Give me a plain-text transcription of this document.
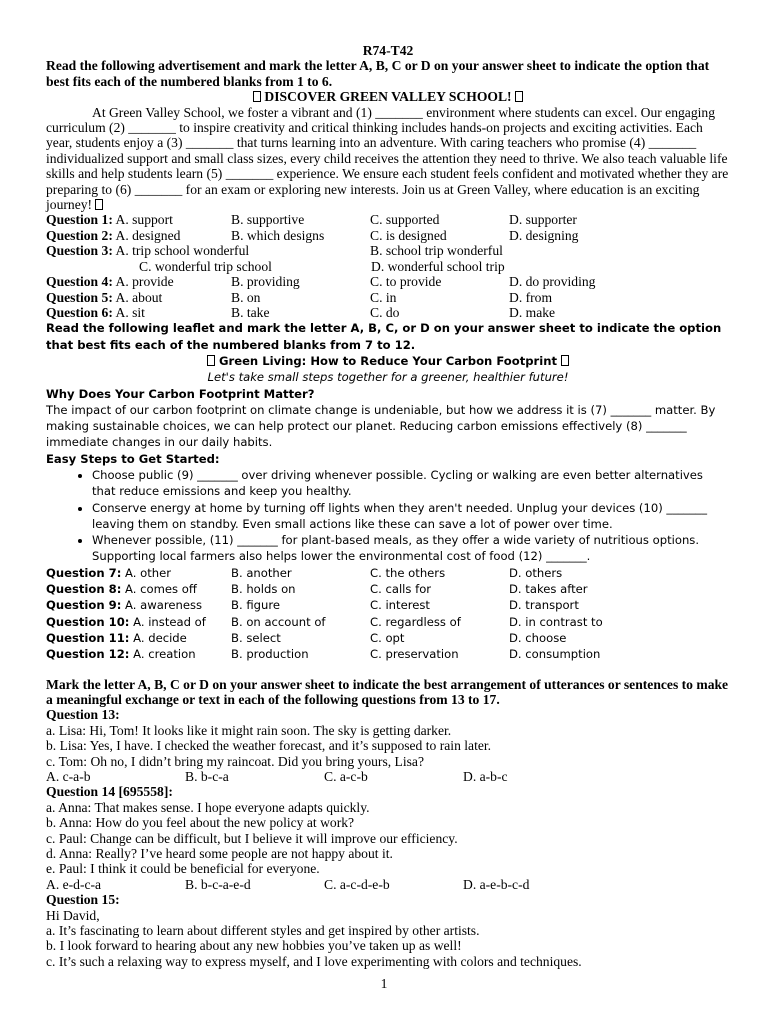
R74-T42

Read the following advertisement and mark the letter A, B, C or D on your answer sheet to indicate the option that best fits each of the numbered blanks from 1 to 6.

DISCOVER GREEN VALLEY SCHOOL!

At Green Valley School, we foster a vibrant and (1) _______ environment where students can excel. Our engaging curriculum (2) _______ to inspire creativity and critical thinking includes hands-on projects and exciting activities. Each year, students enjoy a (3) _______ that turns learning into an adventure. With caring teachers who promise (4) _______ individualized support and small class sizes, every child receives the attention they need to thrive. We also teach valuable life skills and help students learn (5) _______ experience. We ensure each student feels confident and motivated whether they are preparing to (6) _______ for an exam or exploring new interests. Join us at Green Valley, where education is an exciting journey!

Question 1: A. support	B. supportive	C. supported	D. supporter
Question 2: A. designed	B. which designs	C. is designed	D. designing
Question 3: A. trip school wonderful	B. school trip wonderful
C. wonderful trip school	D. wonderful school trip
Question 4: A. provide	B. providing	C. to provide	D. do providing
Question 5: A. about	B. on	C. in	D. from
Question 6: A. sit	B. take	C. do	D. make

Read the following leaflet and mark the letter A, B, C, or D on your answer sheet to indicate the option that best fits each of the numbered blanks from 7 to 12.

Green Living: How to Reduce Your Carbon Footprint

Let's take small steps together for a greener, healthier future!

Why Does Your Carbon Footprint Matter?

The impact of our carbon footprint on climate change is undeniable, but how we address it is (7) _______ matter. By making sustainable choices, we can help protect our planet. Reducing carbon emissions effectively (8) _______ immediate changes in our daily habits.

Easy Steps to Get Started:

• Choose public (9) _______ over driving whenever possible. Cycling or walking are even better alternatives that reduce emissions and keep you healthy.
• Conserve energy at home by turning off lights when they aren't needed. Unplug your devices (10) _______ leaving them on standby. Even small actions like these can save a lot of power over time.
• Whenever possible, (11) _______ for plant-based meals, as they offer a wide variety of nutritious options. Supporting local farmers also helps lower the environmental cost of food (12) _______.
Question 7: A. other	B. another	C. the others	D. others
Question 8: A. comes off	B. holds on	C. calls for	D. takes after
Question 9: A. awareness	B. figure	C. interest	D. transport
Question 10: A. instead of	B. on account of	C. regardless of	D. in contrast to
Question 11: A. decide	B. select	C. opt	D. choose
Question 12: A. creation	B. production	C. preservation	D. consumption

Mark the letter A, B, C or D on your answer sheet to indicate the best arrangement of utterances or sentences to make a meaningful exchange or text in each of the following questions from 13 to 17.

Question 13:

a. Lisa: Hi, Tom! It looks like it might rain soon. The sky is getting darker.

b. Lisa: Yes, I have. I checked the weather forecast, and it’s supposed to rain later.

c. Tom: Oh no, I didn’t bring my raincoat. Did you bring yours, Lisa?

A. c-a-b	B. b-c-a	C. a-c-b	D. a-b-c

Question 14 [695558]:

a. Anna: That makes sense. I hope everyone adapts quickly.

b. Anna: How do you feel about the new policy at work?

c. Paul: Change can be difficult, but I believe it will improve our efficiency.

d. Anna: Really? I’ve heard some people are not happy about it.

e. Paul: I think it could be beneficial for everyone.

A. e-d-c-a	B. b-c-a-e-d	C. a-c-d-e-b	D. a-e-b-c-d

Question 15:

Hi David,

a. It’s fascinating to learn about different styles and get inspired by other artists.

b. I look forward to hearing about any new hobbies you’ve taken up as well!

c. It’s such a relaxing way to express myself, and I love experimenting with colors and techniques.

1
